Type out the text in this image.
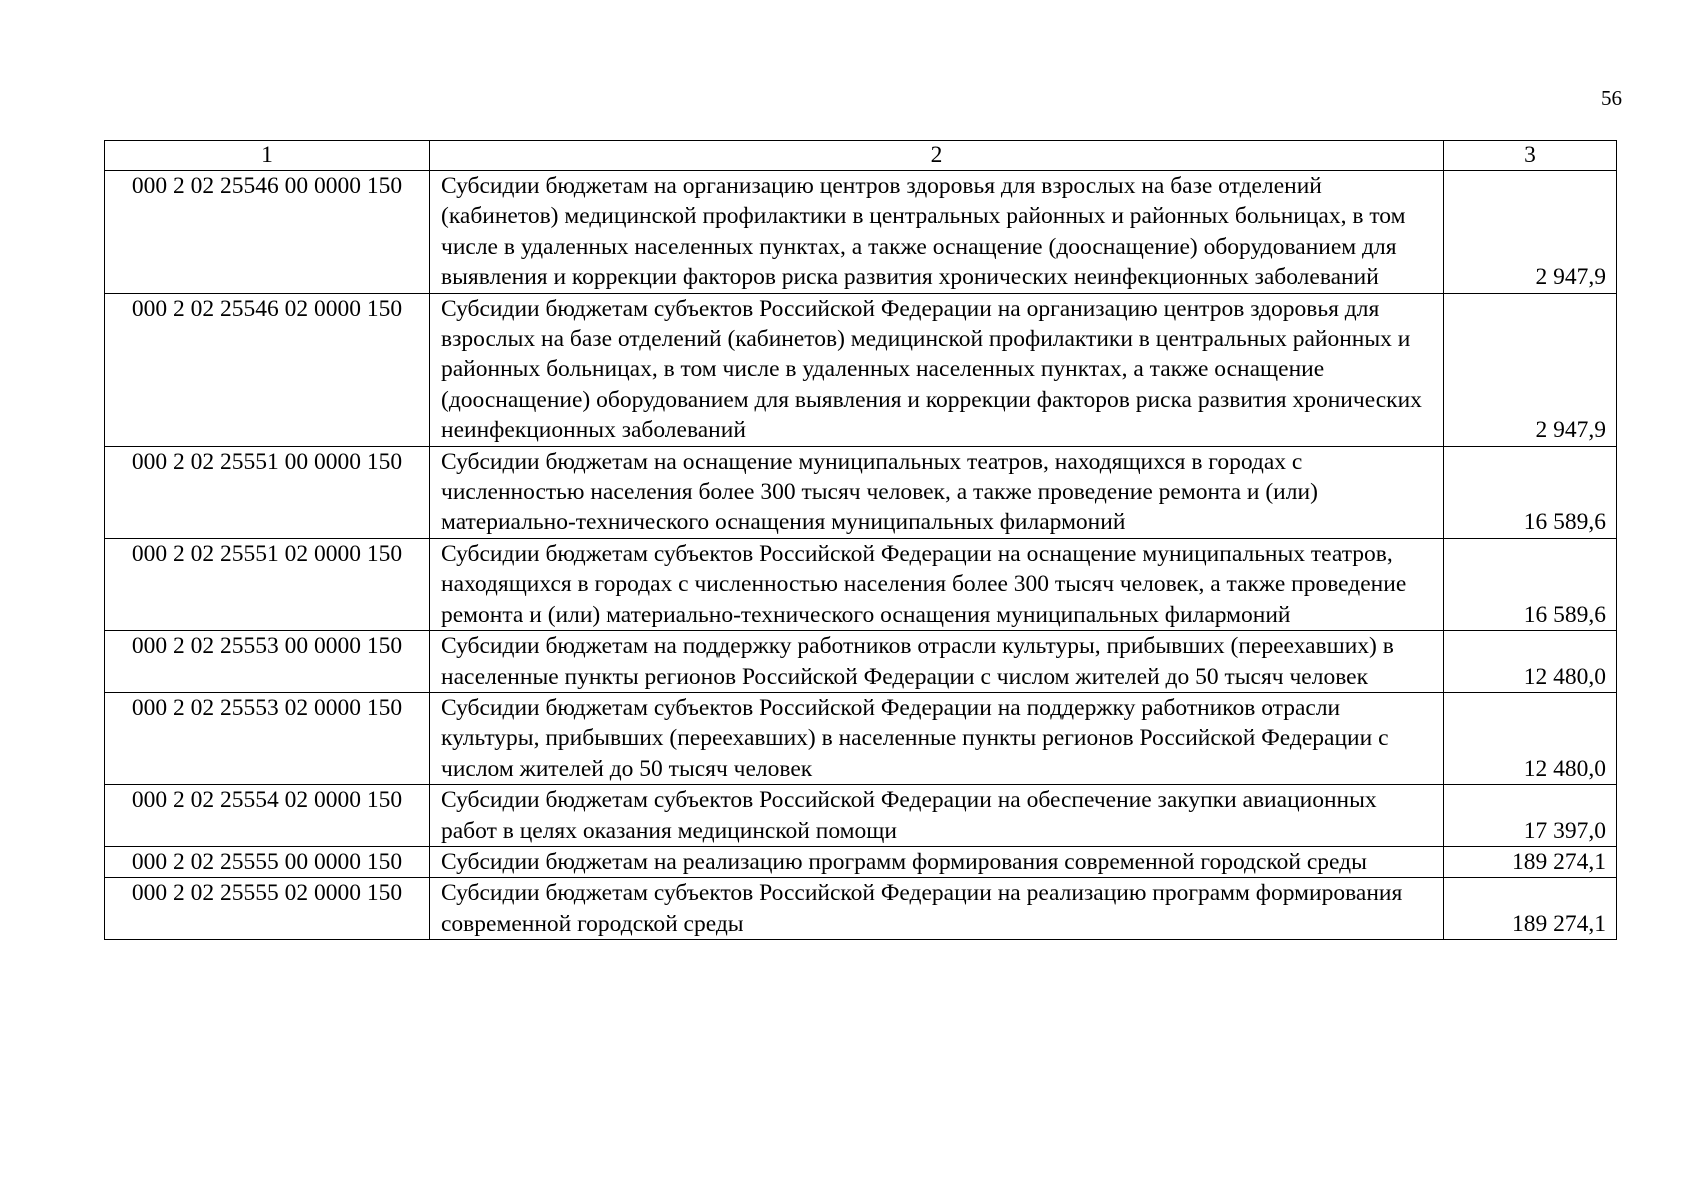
56
1	2	3
000 2 02 25546 00 0000 150	Субсидии бюджетам на организацию центров здоровья для взрослых на базе отделений (кабинетов) медицинской профилактики в центральных районных и районных больницах, в том числе в удаленных населенных пунктах, а также оснащение (дооснащение) оборудованием для выявления и коррекции факторов риска развития хронических неинфекционных заболеваний	2 947,9
000 2 02 25546 02 0000 150	Субсидии бюджетам субъектов Российской Федерации на организацию центров здоровья для взрослых на базе отделений (кабинетов) медицинской профилактики в центральных районных и районных больницах, в том числе в удаленных населенных пунктах, а также оснащение (дооснащение) оборудованием для выявления и коррекции факторов риска развития хронических неинфекционных заболеваний	2 947,9
000 2 02 25551 00 0000 150	Субсидии бюджетам на оснащение муниципальных театров, находящихся в городах с численностью населения более 300 тысяч человек, а также проведение ремонта и (или) материально-технического оснащения муниципальных филармоний	16 589,6
000 2 02 25551 02 0000 150	Субсидии бюджетам субъектов Российской Федерации на оснащение муниципальных театров, находящихся в городах с численностью населения более 300 тысяч человек, а также проведение ремонта и (или) материально-технического оснащения муниципальных филармоний	16 589,6
000 2 02 25553 00 0000 150	Субсидии бюджетам на поддержку работников отрасли культуры, прибывших (переехавших) в населенные пункты регионов Российской Федерации с числом жителей до 50 тысяч человек	12 480,0
000 2 02 25553 02 0000 150	Субсидии бюджетам субъектов Российской Федерации на поддержку работников отрасли культуры, прибывших (переехавших) в населенные пункты регионов Российской Федерации с числом жителей до 50 тысяч человек	12 480,0
000 2 02 25554 02 0000 150	Субсидии бюджетам субъектов Российской Федерации на обеспечение закупки авиационных работ в целях оказания медицинской помощи	17 397,0
000 2 02 25555 00 0000 150	Субсидии бюджетам на реализацию программ формирования современной городской среды	189 274,1
000 2 02 25555 02 0000 150	Субсидии бюджетам субъектов Российской Федерации на реализацию программ формирования современной городской среды	189 274,1
